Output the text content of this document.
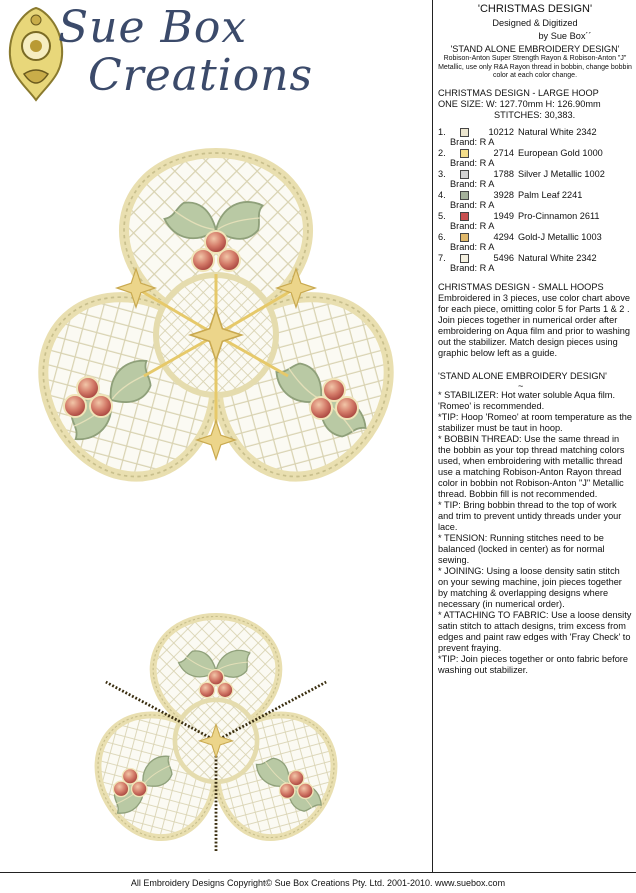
Sue Box
Creations
'CHRISTMAS DESIGN'
Designed & Digitized
by Sue Box´´
'STAND ALONE EMBROIDERY DESIGN'
Robison-Anton Super Strength Rayon & Robison-Anton "J" Metallic, use only R&A Rayon thread in bobbin, change bobbin color at each color change.
CHRISTMAS DESIGN - LARGE HOOP
ONE SIZE: W: 127.70mm H: 126.90mm
STITCHES: 30,383.
1.	10212 Natural White 2342
Brand: R A
2.	2714 European Gold 1000
Brand: R A
3.	1788 Silver J Metallic 1002
Brand: R A
4.	3928 Palm Leaf 2241
Brand: R A
5.	1949 Pro-Cinnamon 2611
Brand: R A
6.	4294 Gold-J Metallic 1003
Brand: R A
7.	5496 Natural White 2342
Brand: R A
CHRISTMAS DESIGN - SMALL HOOPS

Embroidered in 3 pieces, use color chart above for each piece, omitting color 5 for Parts 1 & 2 . Join pieces together in numerical order after embroidering on Aqua film and prior to washing out the stabilizer. Match design pieces using graphic below left as a guide.

'STAND ALONE EMBROIDERY DESIGN'
~

* STABILIZER: Hot water soluble Aqua film. 'Romeo' is recommended.

*TIP: Hoop 'Romeo' at room temperature as the stabilizer must be taut in hoop.

* BOBBIN THREAD: Use the same thread in the bobbin as your top thread matching colors used, when embroidering with metallic thread use a matching Robison-Anton Rayon thread color in bobbin not Robison-Anton "J" Metallic thread. Bobbin fill is not recommended.

* TIP: Bring bobbin thread to the top of work and trim to prevent untidy threads under your lace.

* TENSION: Running stitches need to be balanced (locked in center) as for normal sewing.

* JOINING: Using a loose density satin stitch on your sewing machine, join pieces together by matching & overlapping designs where necessary (in numerical order).

* ATTACHING TO FABRIC: Use a loose density satin stitch to attach designs, trim excess from edges and paint raw edges with 'Fray Check' to prevent fraying.

*TIP: Join pieces together or onto fabric before washing out stabilizer.

All Embroidery Designs Copyright© Sue Box Creations Pty. Ltd. 2001-2010. www.suebox.com
